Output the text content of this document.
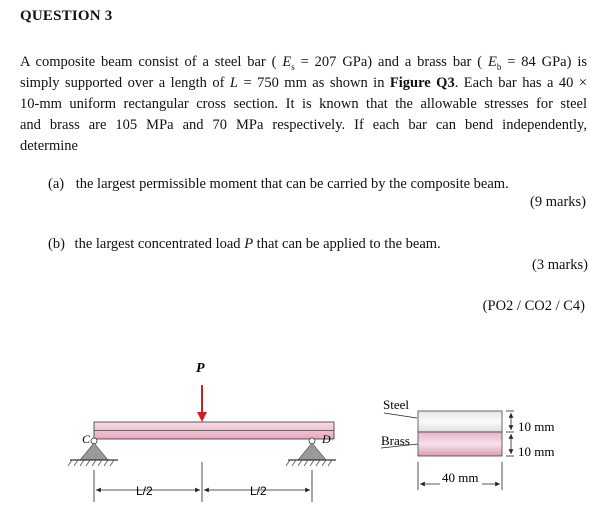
QUESTION 3
A composite beam consist of a steel bar ( $E_s = 207$ GPa) and a brass bar ( $E_b = 84$ GPa) is
simply supported over a length of L = 750 mm as shown in Figure Q3. Each bar has a 40 ×
10-mm uniform rectangular cross section. It is known that the allowable stresses for steel
and brass are 105 MPa and 70 MPa respectively. If each bar can bend independently,
determine
(a) the largest permissible moment that can be carried by the composite beam.
(9 marks)
(b) the largest concentrated load P that can be applied to the beam.
(3 marks)
(PO2 / CO2 / C4)
P
C	D
L/2	L/2
Steel
Brass
10 mm
10 mm
40 mm
